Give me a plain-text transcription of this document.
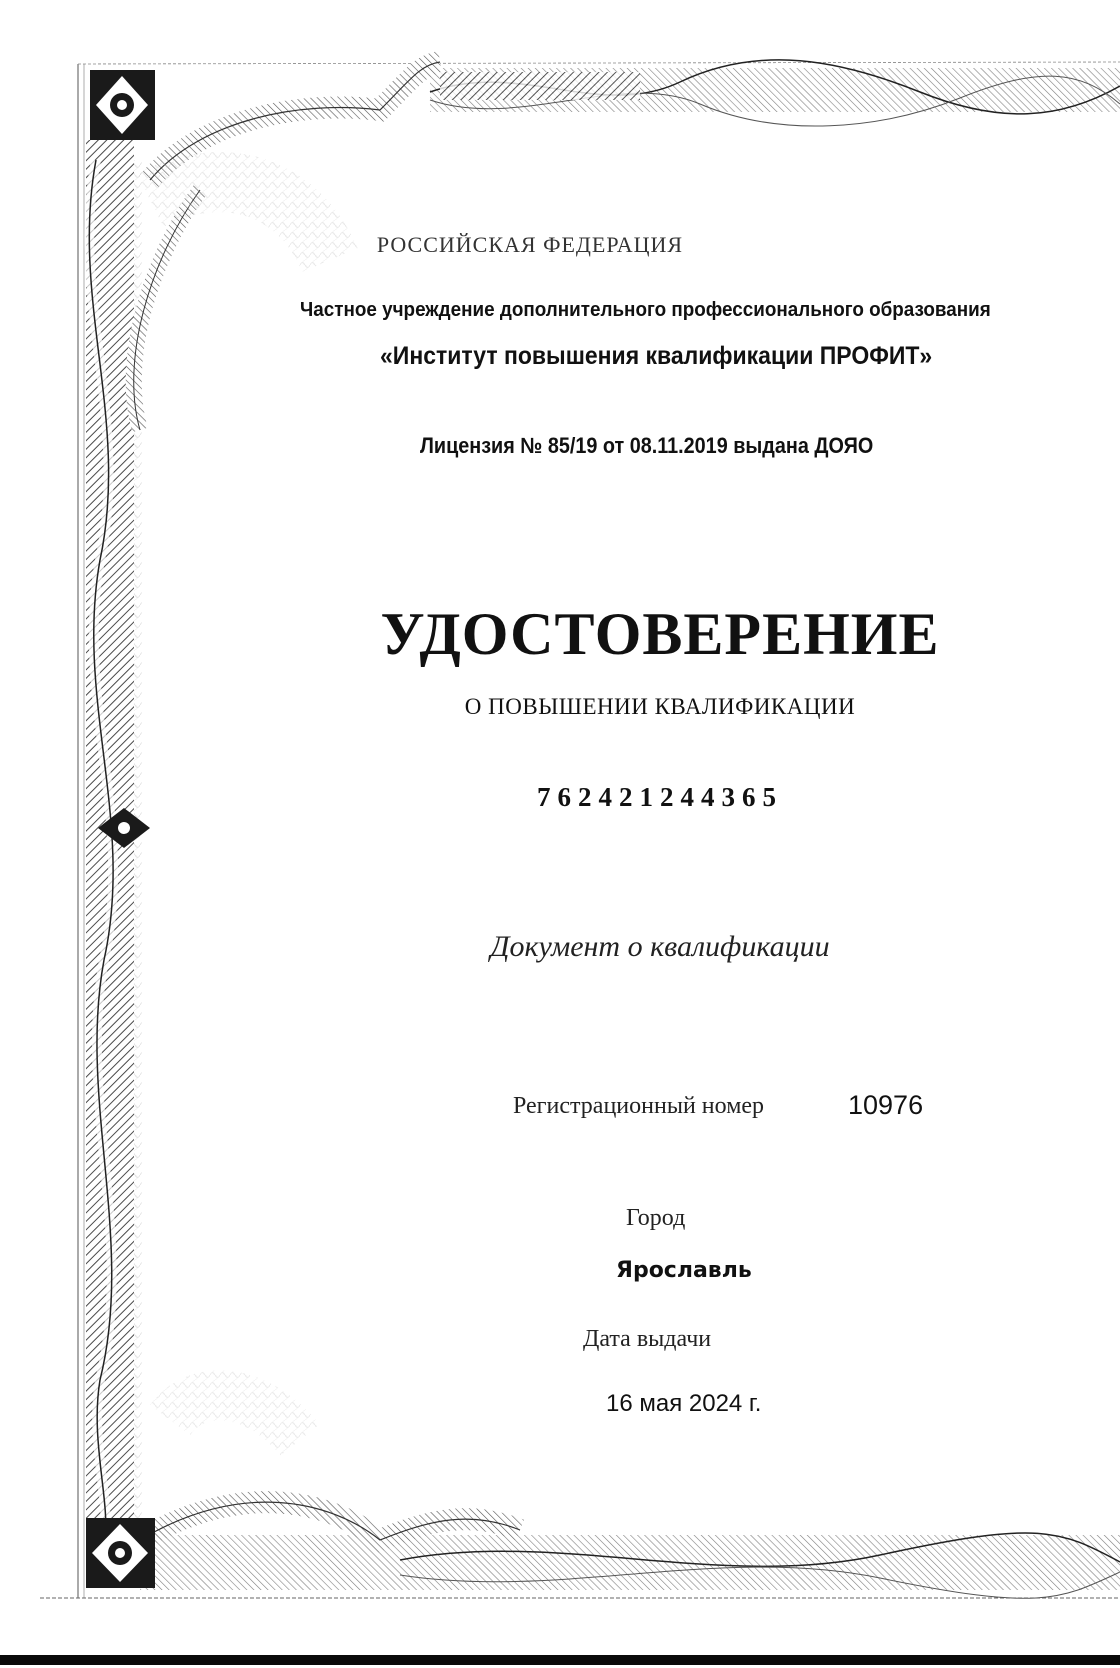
РОССИЙСКАЯ ФЕДЕРАЦИЯ
Частное учреждение дополнительного профессионального образования
«Институт повышения квалификации ПРОФИТ»
Лицензия № 85/19 от 08.11.2019 выдана ДОЯО
УДОСТОВЕРЕНИЕ
О ПОВЫШЕНИИ КВАЛИФИКАЦИИ
762421244365
Документ о квалификации
Регистрационный номер	10976
Город
Ярославль
Дата выдачи
16 мая 2024 г.
